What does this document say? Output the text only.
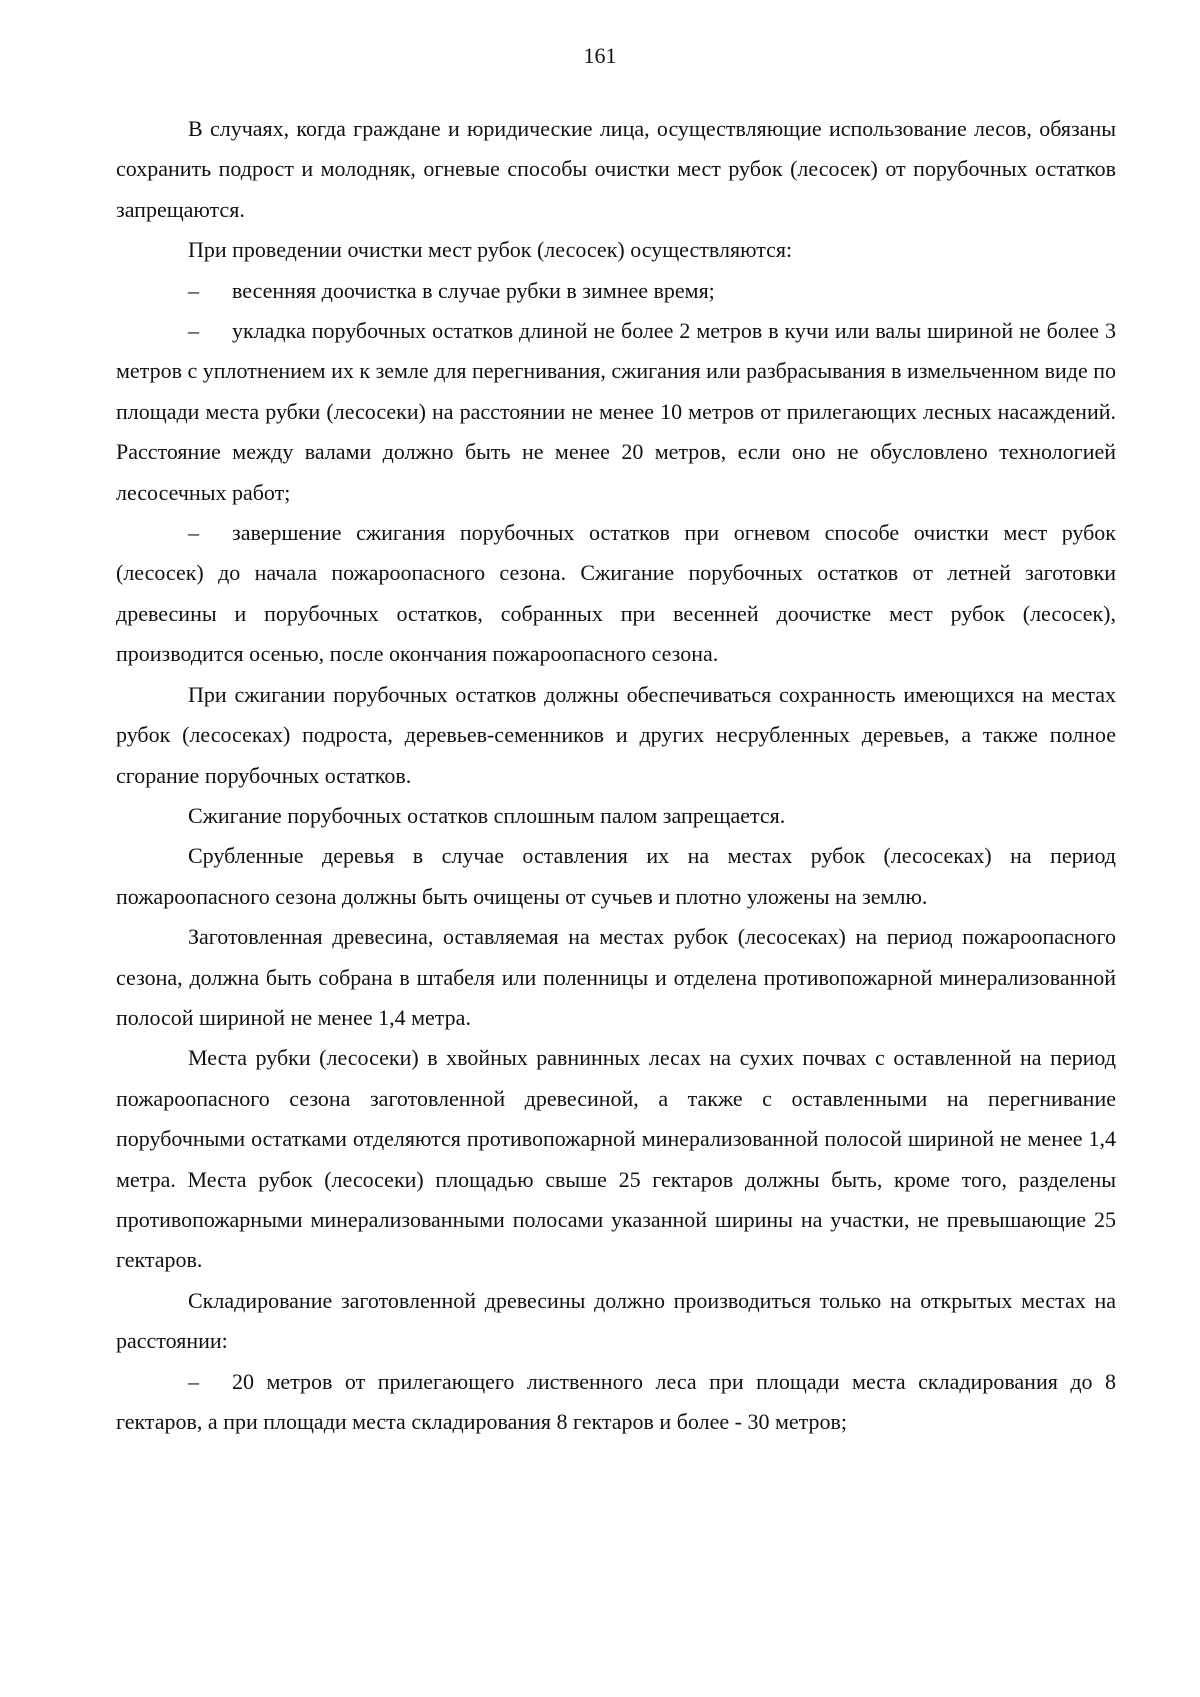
161

В случаях, когда граждане и юридические лица, осуществляющие использование лесов, обязаны сохранить подрост и молодняк, огневые способы очистки мест рубок (лесосек) от порубочных остатков запрещаются.

При проведении очистки мест рубок (лесосек) осуществляются:

– весенняя доочистка в случае рубки в зимнее время;

– укладка порубочных остатков длиной не более 2 метров в кучи или валы шириной не более 3 метров с уплотнением их к земле для перегнивания, сжигания или разбрасывания в измельченном виде по площади места рубки (лесосеки) на расстоянии не менее 10 метров от прилегающих лесных насаждений. Расстояние между валами должно быть не менее 20 метров, если оно не обусловлено технологией лесосечных работ;

– завершение сжигания порубочных остатков при огневом способе очистки мест рубок (лесосек) до начала пожароопасного сезона. Сжигание порубочных остатков от летней заготовки древесины и порубочных остатков, собранных при весенней доочистке мест рубок (лесосек), производится осенью, после окончания пожароопасного сезона.

При сжигании порубочных остатков должны обеспечиваться сохранность имеющихся на местах рубок (лесосеках) подроста, деревьев-семенников и других несрубленных деревьев, а также полное сгорание порубочных остатков.

Сжигание порубочных остатков сплошным палом запрещается.

Срубленные деревья в случае оставления их на местах рубок (лесосеках) на период пожароопасного сезона должны быть очищены от сучьев и плотно уложены на землю.

Заготовленная древесина, оставляемая на местах рубок (лесосеках) на период пожароопасного сезона, должна быть собрана в штабеля или поленницы и отделена противопожарной минерализованной полосой шириной не менее 1,4 метра.

Места рубки (лесосеки) в хвойных равнинных лесах на сухих почвах с оставленной на период пожароопасного сезона заготовленной древесиной, а также с оставленными на перегнивание порубочными остатками отделяются противопожарной минерализованной полосой шириной не менее 1,4 метра. Места рубок (лесосеки) площадью свыше 25 гектаров должны быть, кроме того, разделены противопожарными минерализованными полосами указанной ширины на участки, не превышающие 25 гектаров.

Складирование заготовленной древесины должно производиться только на открытых местах на расстоянии:

– 20 метров от прилегающего лиственного леса при площади места складирования до 8 гектаров, а при площади места складирования 8 гектаров и более - 30 метров;
